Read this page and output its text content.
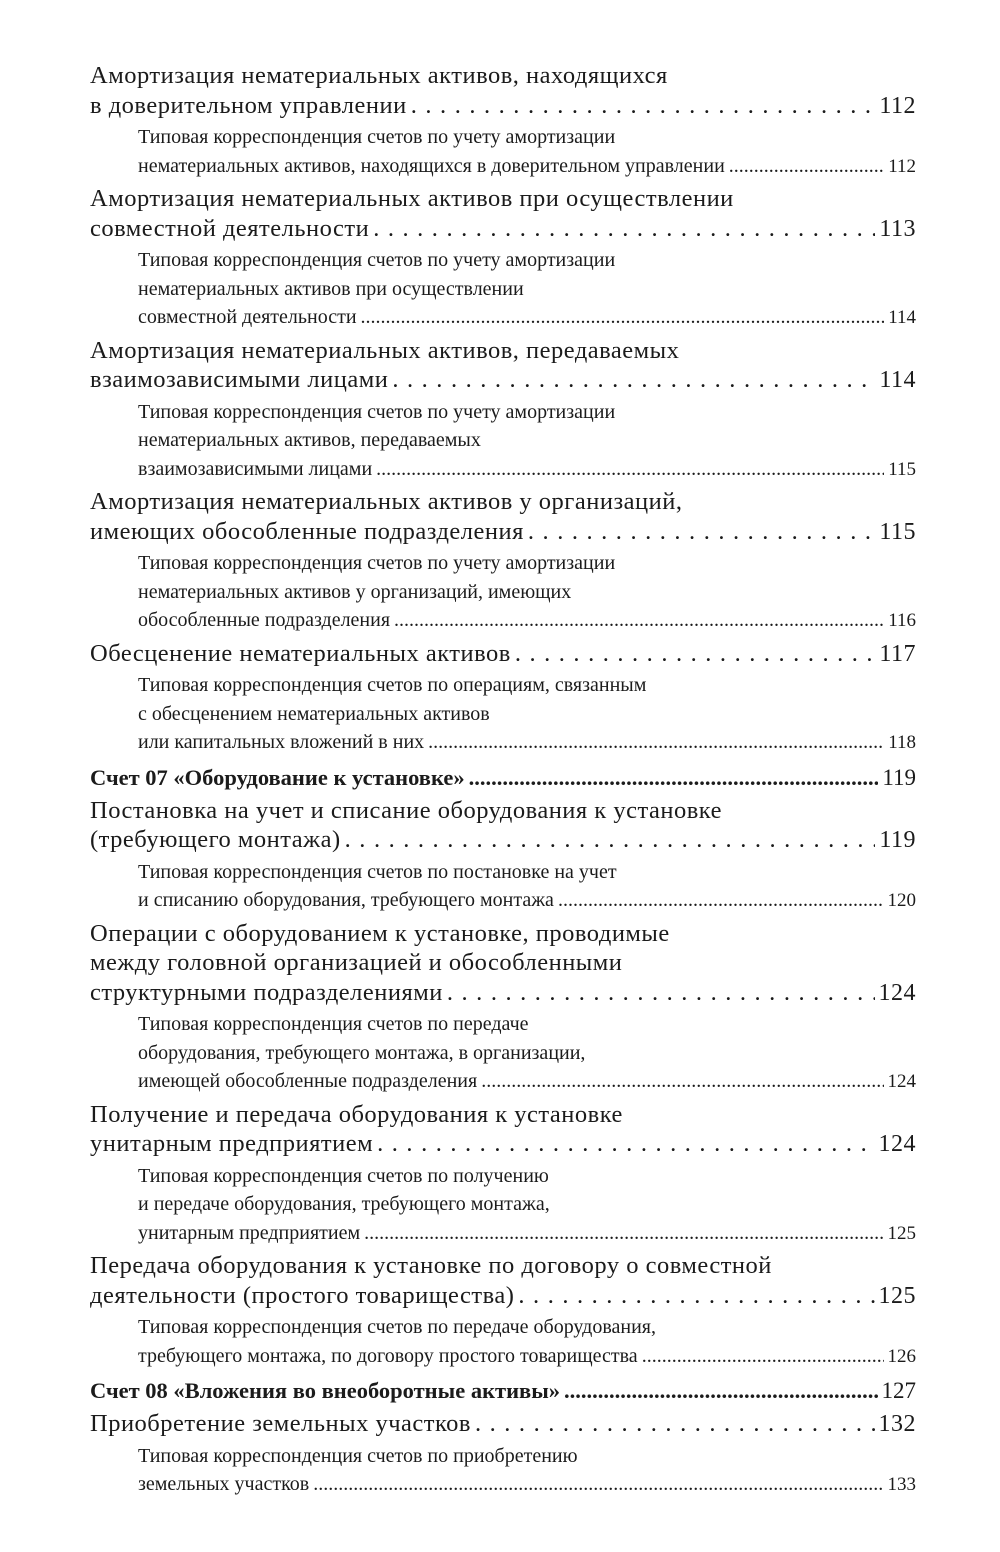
Амортизация нематериальных активов, находящихся
в доверительном управлении . . .	112
Типовая корреспонденция счетов по учету амортизации
нематериальных активов, находящихся в доверительном управлении .....	112
Амортизация нематериальных активов при осуществлении
совместной деятельности . . .	113
Типовая корреспонденция счетов по учету амортизации
нематериальных активов при осуществлении
совместной деятельности .....	114
Амортизация нематериальных активов, передаваемых
взаимозависимыми лицами . . .	114
Типовая корреспонденция счетов по учету амортизации
нематериальных активов, передаваемых
взаимозависимыми лицами .....	115
Амортизация нематериальных активов у организаций,
имеющих обособленные подразделения . . .	115
Типовая корреспонденция счетов по учету амортизации
нематериальных активов у организаций, имеющих
обособленные подразделения .....	116
Обесценение нематериальных активов . . .	117
Типовая корреспонденция счетов по операциям, связанным
с обесценением нематериальных активов
или капитальных вложений в них .....	118
Счет 07 «Оборудование к установке» .....	119
Постановка на учет и списание оборудования к установке
(требующего монтажа) . . .	119
Типовая корреспонденция счетов по постановке на учет
и списанию оборудования, требующего монтажа .....	120
Операции с оборудованием к установке, проводимые
между головной организацией и обособленными
структурными подразделениями . . .	124
Типовая корреспонденция счетов по передаче
оборудования, требующего монтажа, в организации,
имеющей обособленные подразделения .....	124
Получение и передача оборудования к установке
унитарным предприятием . . .	124
Типовая корреспонденция счетов по получению
и передаче оборудования, требующего монтажа,
унитарным предприятием .....	125
Передача оборудования к установке по договору о совместной
деятельности (простого товарищества) . . .	125
Типовая корреспонденция счетов по передаче оборудования,
требующего монтажа, по договору простого товарищества .....	126
Счет 08 «Вложения во внеоборотные активы» .....	127
Приобретение земельных участков . . .	132
Типовая корреспонденция счетов по приобретению
земельных участков .....	133
